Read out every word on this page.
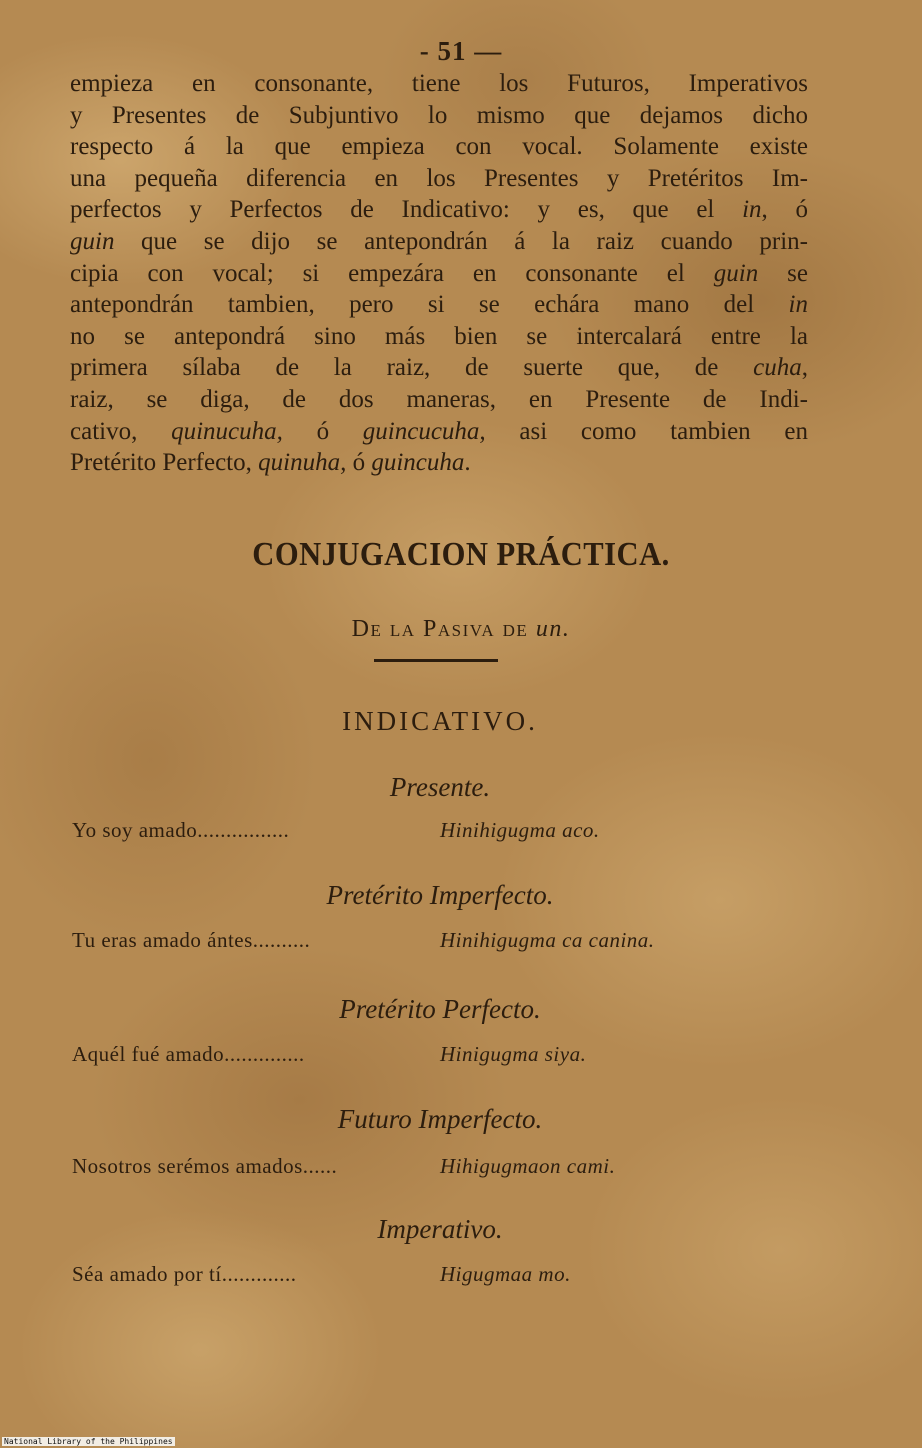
- 51 —
empieza en consonante, tiene los Futuros, Imperativos
y Presentes de Subjuntivo lo mismo que dejamos dicho
respecto á la que empieza con vocal. Solamente existe
una pequeña diferencia en los Presentes y Pretéritos Im-
perfectos y Perfectos de Indicativo: y es, que el in, ó
guin que se dijo se antepondrán á la raiz cuando prin-
cipia con vocal; si empezára en consonante el guin se
antepondrán tambien, pero si se echára mano del in
no se antepondrá sino más bien se intercalará entre la
primera sílaba de la raiz, de suerte que, de cuha,
raiz, se diga, de dos maneras, en Presente de Indi-
cativo, quinucuha, ó guincucuha, asi como tambien en
Pretérito Perfecto, quinuha, ó guincuha.
CONJUGACION PRÁCTICA.
De la Pasiva de un.
INDICATIVO.
Presente.
Yo soy amado................	Hinihigugma aco.
Pretérito Imperfecto.
Tu eras amado ántes..........	Hinihigugma ca canina.
Pretérito Perfecto.
Aquél fué amado..............	Hinigugma siya.
Futuro Imperfecto.
Nosotros serémos amados......	Hihigugmaon cami.
Imperativo.
Séa amado por tí.............	Higugmaa mo.
National Library of the Philippines
